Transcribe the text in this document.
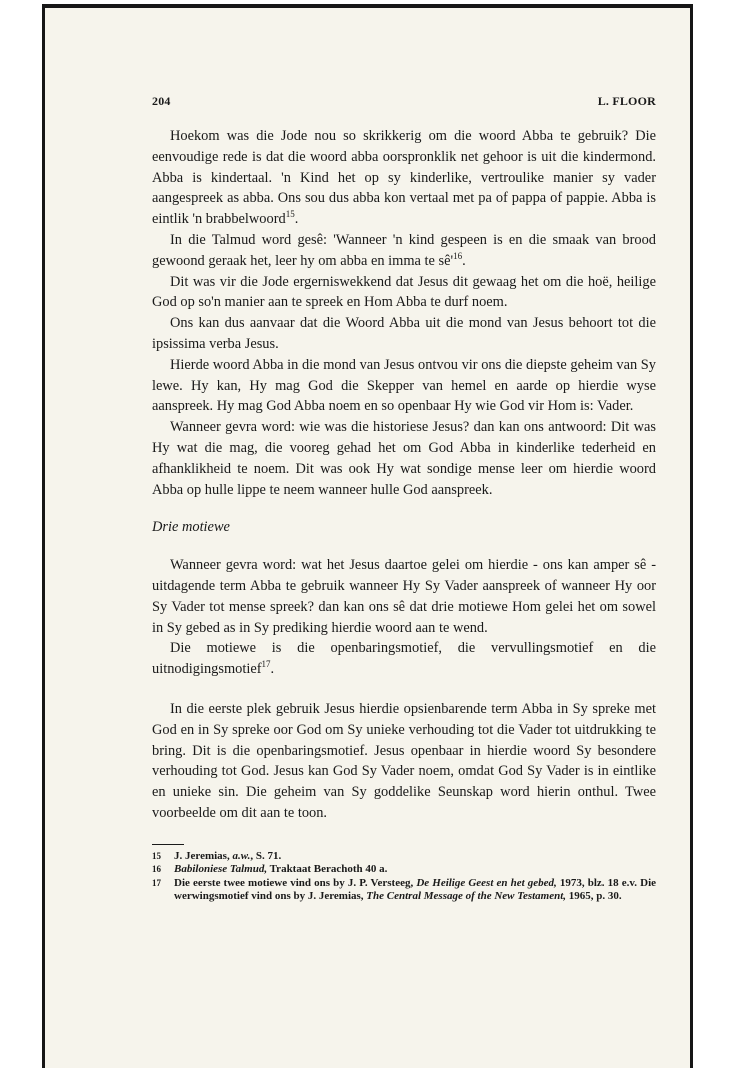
204	L. FLOOR

Hoekom was die Jode nou so skrikkerig om die woord Abba te gebruik? Die eenvoudige rede is dat die woord abba oorspronklik net gehoor is uit die kindermond. Abba is kindertaal. 'n Kind het op sy kinderlike, vertroulike manier sy vader aangespreek as abba. Ons sou dus abba kon vertaal met pa of pappa of pappie. Abba is eintlik 'n brabbelwoord$^{15}$.

In die Talmud word gesê: 'Wanneer 'n kind gespeen is en die smaak van brood gewoond geraak het, leer hy om abba en imma te $sê'^{16}$.

Dit was vir die Jode ergerniswekkend dat Jesus dit gewaag het om die hoë, heilige God op so'n manier aan te spreek en Hom Abba te durf noem.

Ons kan dus aanvaar dat die Woord Abba uit die mond van Jesus behoort tot die ipsissima verba Jesus.

Hierde woord Abba in die mond van Jesus ontvou vir ons die diepste geheim van Sy lewe. Hy kan, Hy mag God die Skepper van hemel en aarde op hierdie wyse aanspreek. Hy mag God Abba noem en so openbaar Hy wie God vir Hom is: Vader.

Wanneer gevra word: wie was die historiese Jesus? dan kan ons antwoord: Dit was Hy wat die mag, die vooreg gehad het om God Abba in kinderlike tederheid en afhanklikheid te noem. Dit was ook Hy wat sondige mense leer om hierdie woord Abba op hulle lippe te neem wanneer hulle God aanspreek.

Drie motiewe

Wanneer gevra word: wat het Jesus daartoe gelei om hierdie - ons kan amper sê - uitdagende term Abba te gebruik wanneer Hy Sy Vader aanspreek of wanneer Hy oor Sy Vader tot mense spreek? dan kan ons sê dat drie motiewe Hom gelei het om sowel in Sy gebed as in Sy prediking hierdie woord aan te wend.

Die motiewe is die openbaringsmotief, die vervullingsmotief en die uitnodigingsmotief$^{17}$.

In die eerste plek gebruik Jesus hierdie opsienbarende term Abba in Sy spreke met God en in Sy spreke oor God om Sy unieke verhouding tot die Vader tot uitdrukking te bring. Dit is die openbaringsmotief. Jesus openbaar in hierdie woord Sy besondere verhouding tot God. Jesus kan God Sy Vader noem, omdat God Sy Vader is in eintlike en unieke sin. Die geheim van Sy goddelike Seunskap word hierin onthul. Twee voorbeelde om dit aan te toon.

15	J. Jeremias, a.w., S. 71.
16	Babiloniese Talmud, Traktaat Berachoth 40 a.
17	Die eerste twee motiewe vind ons by J. P. Versteeg, De Heilige Geest en het gebed, 1973, blz. 18 e.v. Die werwingsmotief vind ons by J. Jeremias, The Central Message of the New Testament, 1965, p. 30.
